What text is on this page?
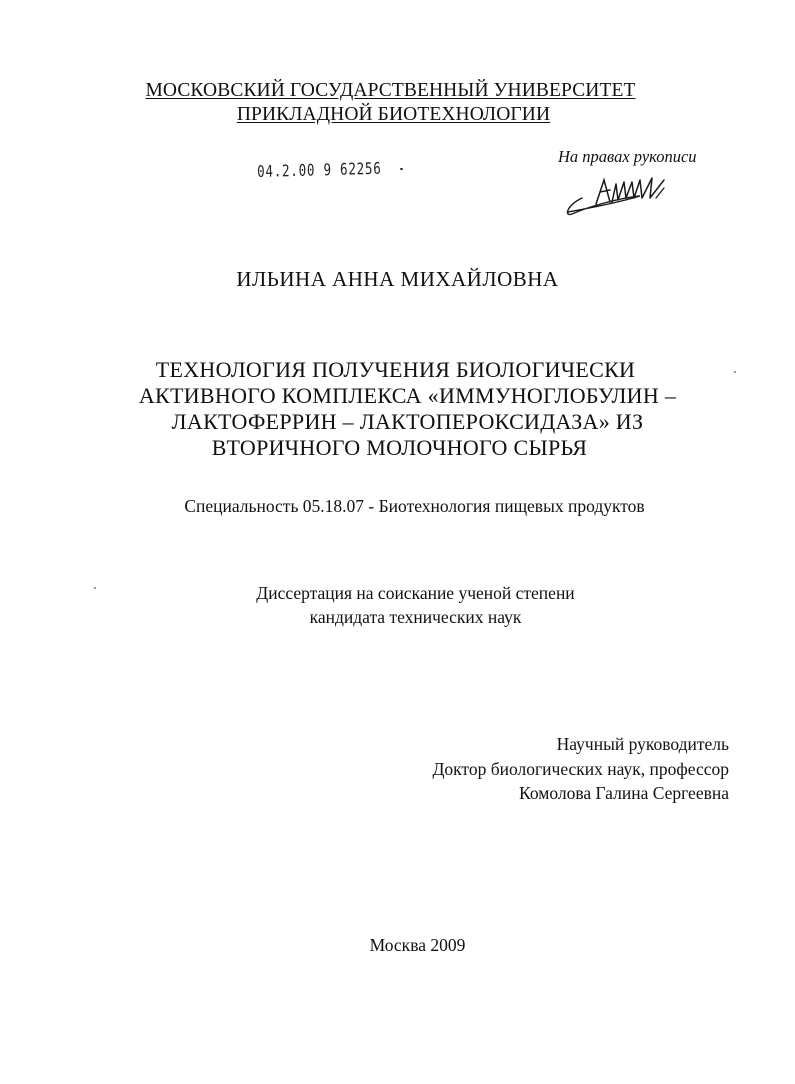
МОСКОВСКИЙ ГОСУДАРСТВЕННЫЙ УНИВЕРСИТЕТ
ПРИКЛАДНОЙ БИОТЕХНОЛОГИИ
04.2.00 9 62256
На правах рукописи
ИЛЬИНА АННА МИХАЙЛОВНА
ТЕХНОЛОГИЯ ПОЛУЧЕНИЯ БИОЛОГИЧЕСКИ
АКТИВНОГО КОМПЛЕКСА «ИММУНОГЛОБУЛИН –
ЛАКТОФЕРРИН – ЛАКТОПЕРОКСИДАЗА» ИЗ
ВТОРИЧНОГО МОЛОЧНОГО СЫРЬЯ
Специальность 05.18.07 - Биотехнология пищевых продуктов
Диссертация на соискание ученой степени
кандидата технических наук
Научный руководитель
Доктор биологических наук, профессор
Комолова Галина Сергеевна
Москва 2009
